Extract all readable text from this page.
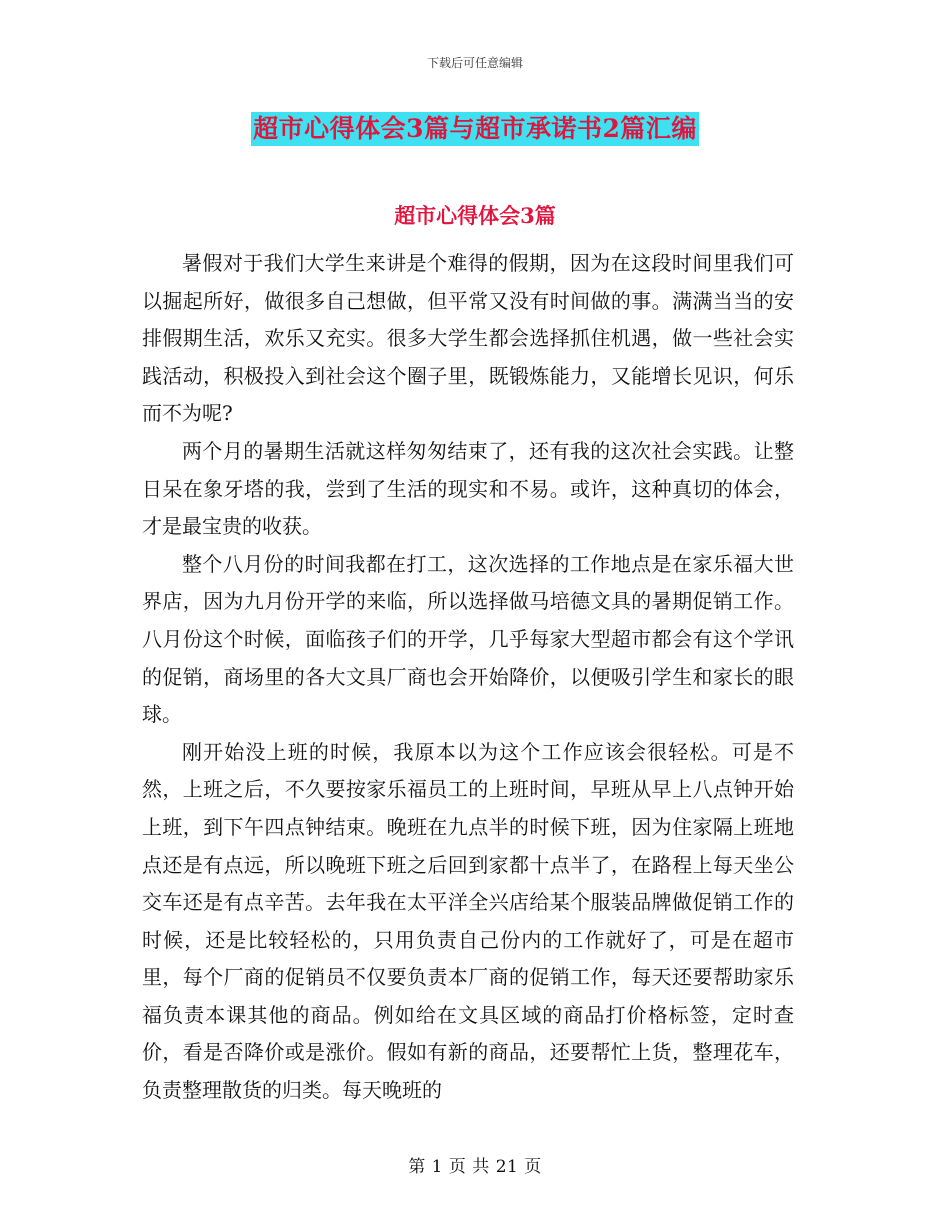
下载后可任意编辑
超市心得体会3篇与超市承诺书2篇汇编
超市心得体会3篇

暑假对于我们大学生来讲是个难得的假期，因为在这段时间里我们可以掘起所好，做很多自己想做，但平常又没有时间做的事。满满当当的安排假期生活，欢乐又充实。很多大学生都会选择抓住机遇，做一些社会实践活动，积极投入到社会这个圈子里，既锻炼能力，又能增长见识，何乐而不为呢?

两个月的暑期生活就这样匆匆结束了，还有我的这次社会实践。让整日呆在象牙塔的我，尝到了生活的现实和不易。或许，这种真切的体会，才是最宝贵的收获。

整个八月份的时间我都在打工，这次选择的工作地点是在家乐福大世界店，因为九月份开学的来临，所以选择做马培德文具的暑期促销工作。八月份这个时候，面临孩子们的开学，几乎每家大型超市都会有这个学讯的促销，商场里的各大文具厂商也会开始降价，以便吸引学生和家长的眼球。

刚开始没上班的时候，我原本以为这个工作应该会很轻松。可是不然，上班之后，不久要按家乐福员工的上班时间，早班从早上八点钟开始上班，到下午四点钟结束。晚班在九点半的时候下班，因为住家隔上班地点还是有点远，所以晚班下班之后回到家都十点半了，在路程上每天坐公交车还是有点辛苦。去年我在太平洋全兴店给某个服装品牌做促销工作的时候，还是比较轻松的，只用负责自己份内的工作就好了，可是在超市里，每个厂商的促销员不仅要负责本厂商的促销工作，每天还要帮助家乐福负责本课其他的商品。例如给在文具区域的商品打价格标签，定时查价，看是否降价或是涨价。假如有新的商品，还要帮忙上货，整理花车，负责整理散货的归类。每天晚班的

第 1 页 共 21 页
